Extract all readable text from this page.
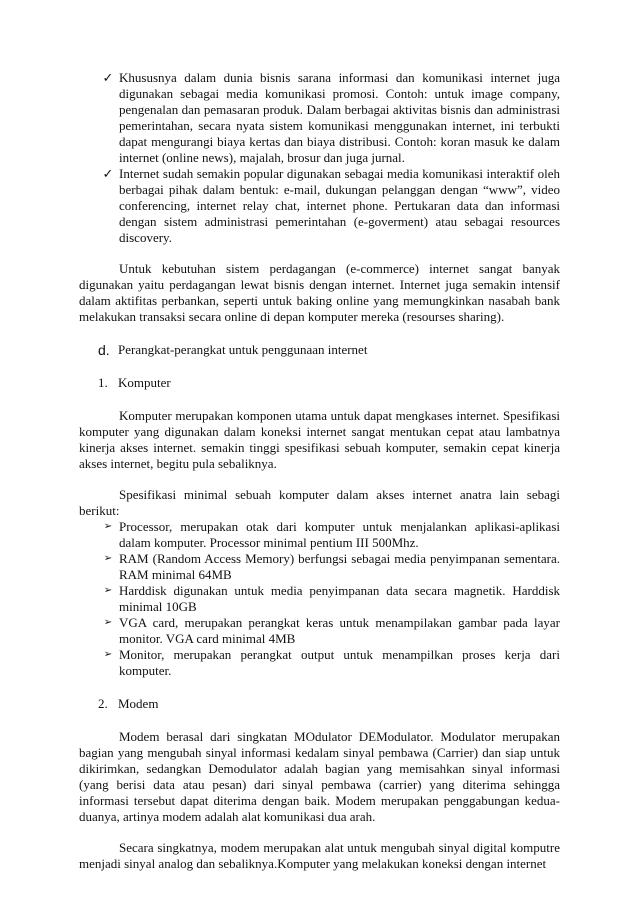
✓ Khususnya dalam dunia bisnis sarana informasi dan komunikasi internet juga digunakan sebagai media komunikasi promosi. Contoh: untuk image company, pengenalan dan pemasaran produk. Dalam berbagai aktivitas bisnis dan administrasi pemerintahan, secara nyata sistem komunikasi menggunakan internet, ini terbukti dapat mengurangi biaya kertas dan biaya distribusi. Contoh: koran masuk ke dalam internet (online news), majalah, brosur dan juga jurnal.
✓ Internet sudah semakin popular digunakan sebagai media komunikasi interaktif oleh berbagai pihak dalam bentuk: e-mail, dukungan pelanggan dengan “www”, video conferencing, internet relay chat, internet phone. Pertukaran data dan informasi dengan sistem administrasi pemerintahan (e-goverment) atau sebagai resources discovery.

Untuk kebutuhan sistem perdagangan (e-commerce) internet sangat banyak digunakan yaitu perdagangan lewat bisnis dengan internet. Internet juga semakin intensif dalam aktifitas perbankan, seperti untuk baking online yang memungkinkan nasabah bank melakukan transaksi secara online di depan komputer mereka (resourses sharing).

d. Perangkat-perangkat untuk penggunaan internet
1. Komputer

Komputer merupakan komponen utama untuk dapat mengkases internet. Spesifikasi komputer yang digunakan dalam koneksi internet sangat mentukan cepat atau lambatnya kinerja akses internet. semakin tinggi spesifikasi sebuah komputer, semakin cepat kinerja akses internet, begitu pula sebaliknya.

Spesifikasi minimal sebuah komputer dalam akses internet anatra lain sebagi berikut:

➢ Processor, merupakan otak dari komputer untuk menjalankan aplikasi-aplikasi dalam komputer. Processor minimal pentium III 500Mhz.
➢ RAM (Random Access Memory) berfungsi sebagai media penyimpanan sementara. RAM minimal 64MB
➢ Harddisk digunakan untuk media penyimpanan data secara magnetik. Harddisk minimal 10GB
➢ VGA card, merupakan perangkat keras untuk menampilakan gambar pada layar monitor. VGA card minimal 4MB
➢ Monitor, merupakan perangkat output untuk menampilkan proses kerja dari komputer.
2. Modem

Modem berasal dari singkatan MOdulator DEModulator. Modulator merupakan bagian yang mengubah sinyal informasi kedalam sinyal pembawa (Carrier) dan siap untuk dikirimkan, sedangkan Demodulator adalah bagian yang memisahkan sinyal informasi (yang berisi data atau pesan) dari sinyal pembawa (carrier) yang diterima sehingga informasi tersebut dapat diterima dengan baik. Modem merupakan penggabungan kedua-duanya, artinya modem adalah alat komunikasi dua arah.

Secara singkatnya, modem merupakan alat untuk mengubah sinyal digital komputre menjadi sinyal analog dan sebaliknya.Komputer yang melakukan koneksi dengan internet
